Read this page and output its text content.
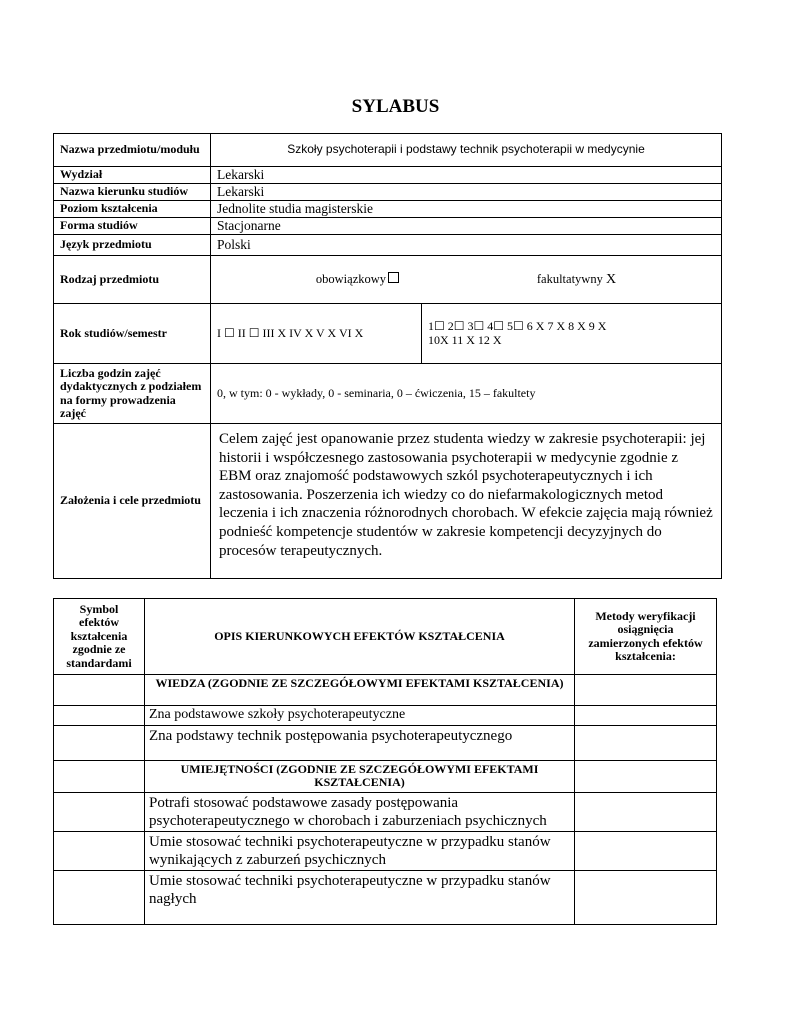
SYLABUS
Nazwa przedmiotu/modułu	Szkoły psychoterapii i podstawy technik psychoterapii w medycynie	
Wydział	Lekarski	
Nazwa kierunku studiów	Lekarski	
Poziom kształcenia	Jednolite studia magisterskie	
Forma studiów	Stacjonarne	
Język przedmiotu	Polski	
Rodzaj przedmiotu	obowiązkowy fakultatywny X	

Rok studiów/semestr	I ☐ II ☐ III X IV X V X VI X	1☐ 2☐ 3☐ 4☐ 5☐ 6 X 7 X 8 X 9 X
10X 11 X 12 X

Liczba godzin zajęć dydaktycznych z podziałem na formy prowadzenia zajęć	0, w tym: 0 - wykłady, 0 - seminaria, 0 – ćwiczenia, 15 – fakultety	
Założenia i cele przedmiotu	Celem zajęć jest opanowanie przez studenta wiedzy w zakresie psychoterapii: jej historii i współczesnego zastosowania psychoterapii w medycynie zgodnie z EBM oraz znajomość podstawowych szkól psychoterapeutycznych i ich zastosowania. Poszerzenia ich wiedzy co do niefarmakologicznych metod leczenia i ich znaczenia różnorodnych chorobach. W efekcie zajęcia mają również podnieść kompetencje studentów w zakresie kompetencji decyzyjnych do procesów terapeutycznych.	
Symbol efektów kształcenia zgodnie ze standardami	OPIS KIERUNKOWYCH EFEKTÓW KSZTAŁCENIA	Metody weryfikacji osiągnięcia zamierzonych efektów kształcenia:
	WIEDZA (ZGODNIE ZE SZCZEGÓŁOWYMI EFEKTAMI KSZTAŁCENIA)	
	Zna podstawowe szkoły psychoterapeutyczne	
	Zna podstawy technik postępowania psychoterapeutycznego	
	UMIEJĘTNOŚCI (ZGODNIE ZE SZCZEGÓŁOWYMI EFEKTAMI KSZTAŁCENIA)	
	Potrafi stosować podstawowe zasady postępowania psychoterapeutycznego w chorobach i zaburzeniach psychicznych	
	Umie stosować techniki psychoterapeutyczne w przypadku stanów wynikających z zaburzeń psychicznych	
	Umie stosować techniki psychoterapeutyczne w przypadku stanów nagłych	
